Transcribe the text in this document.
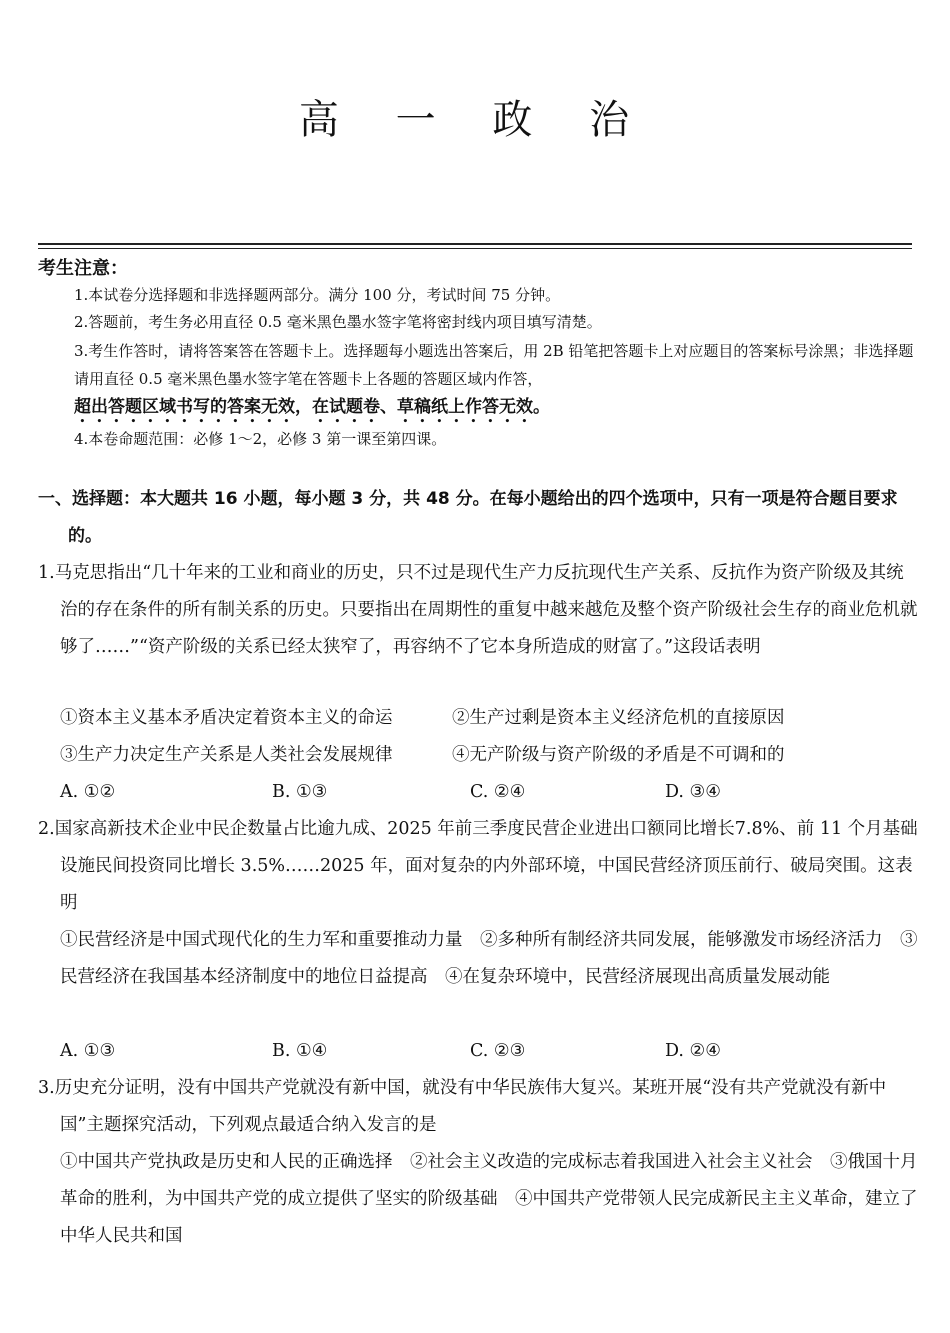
高 一 政 治
考生注意：
1.本试卷分选择题和非选择题两部分。满分 100 分，考试时间 75 分钟。
2.答题前，考生务必用直径 0.5 毫米黑色墨水签字笔将密封线内项目填写清楚。
3.考生作答时，请将答案答在答题卡上。选择题每小题选出答案后，用 2B 铅笔把答题卡上对应题目的答案标号涂黑；非选择题请用直径 0.5 毫米黑色墨水签字笔在答题卡上各题的答题区域内作答，
超出答题区域书写的答案无效，在试题卷、草稿纸上作答无效。
4.本卷命题范围：必修 1～2，必修 3 第一课至第四课。
一、选择题：本大题共 16 小题，每小题 3 分，共 48 分。在每小题给出的四个选项中，只有一项是符合题目要求的。
1.马克思指出“几十年来的工业和商业的历史，只不过是现代生产力反抗现代生产关系、反抗作为资产阶级及其统治的存在条件的所有制关系的历史。只要指出在周期性的重复中越来越危及整个资产阶级社会生存的商业危机就够了……”“资产阶级的关系已经太狭窄了，再容纳不了它本身所造成的财富了。”这段话表明
①资本主义基本矛盾决定着资本主义的命运	②生产过剩是资本主义经济危机的直接原因
③生产力决定生产关系是人类社会发展规律	④无产阶级与资产阶级的矛盾是不可调和的
A. ①②	B. ①③	C. ②④	D. ③④
2.国家高新技术企业中民企数量占比逾九成、2025 年前三季度民营企业进出口额同比增长7.8%、前 11 个月基础设施民间投资同比增长 3.5%……2025 年，面对复杂的内外部环境，中国民营经济顶压前行、破局突围。这表明
①民营经济是中国式现代化的生力军和重要推动力量　②多种所有制经济共同发展，能够激发市场经济活力　③民营经济在我国基本经济制度中的地位日益提高　④在复杂环境中，民营经济展现出高质量发展动能
A. ①③	B. ①④	C. ②③	D. ②④
3.历史充分证明，没有中国共产党就没有新中国，就没有中华民族伟大复兴。某班开展“没有共产党就没有新中国”主题探究活动，下列观点最适合纳入发言的是
①中国共产党执政是历史和人民的正确选择　②社会主义改造的完成标志着我国进入社会主义社会　③俄国十月革命的胜利，为中国共产党的成立提供了坚实的阶级基础　④中国共产党带领人民完成新民主主义革命，建立了中华人民共和国
